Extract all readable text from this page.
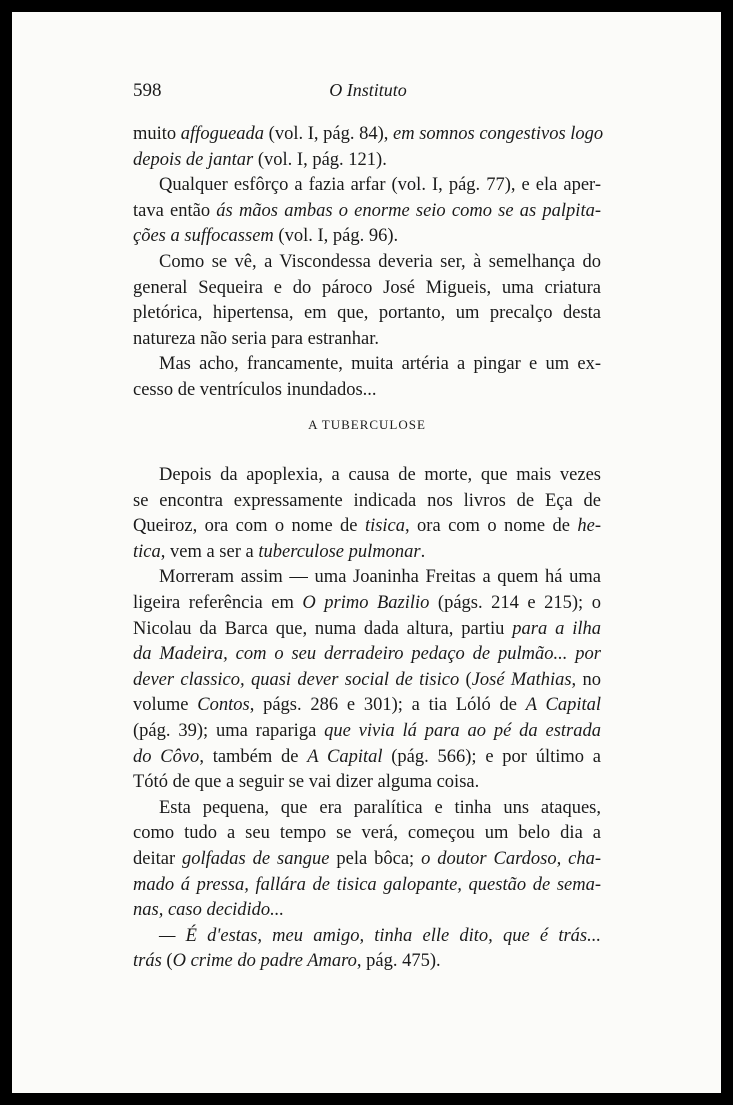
598	O Instituto
muito affogueada (vol. I, pág. 84), em somnos congestivos logo
depois de jantar (vol. I, pág. 121).
Qualquer esfôrço a fazia arfar (vol. I, pág. 77), e ela aper-
tava então ás mãos ambas o enorme seio como se as palpita-
ções a suffocassem (vol. I, pág. 96).
Como se vê, a Viscondessa deveria ser, à semelhança do
general Sequeira e do pároco José Migueis, uma criatura
pletórica, hipertensa, em que, portanto, um precalço desta
natureza não seria para estranhar.
Mas acho, francamente, muita artéria a pingar e um ex-
cesso de ventrículos inundados...
A TUBERCULOSE
Depois da apoplexia, a causa de morte, que mais vezes
se encontra expressamente indicada nos livros de Eça de
Queiroz, ora com o nome de tisica, ora com o nome de he-
tica, vem a ser a tuberculose pulmonar.
Morreram assim — uma Joaninha Freitas a quem há uma
ligeira referência em O primo Bazilio (págs. 214 e 215); o
Nicolau da Barca que, numa dada altura, partiu para a ilha
da Madeira, com o seu derradeiro pedaço de pulmão... por
dever classico, quasi dever social de tisico (José Mathias, no
volume Contos, págs. 286 e 301); a tia Lóló de A Capital
(pág. 39); uma rapariga que vivia lá para ao pé da estrada
do Côvo, também de A Capital (pág. 566); e por último a
Tótó de que a seguir se vai dizer alguma coisa.
Esta pequena, que era paralítica e tinha uns ataques,
como tudo a seu tempo se verá, começou um belo dia a
deitar golfadas de sangue pela bôca; o doutor Cardoso, cha-
mado á pressa, fallára de tisica galopante, questão de sema-
nas, caso decidido...
— É d'estas, meu amigo, tinha elle dito, que é trás...
trás (O crime do padre Amaro, pág. 475).
